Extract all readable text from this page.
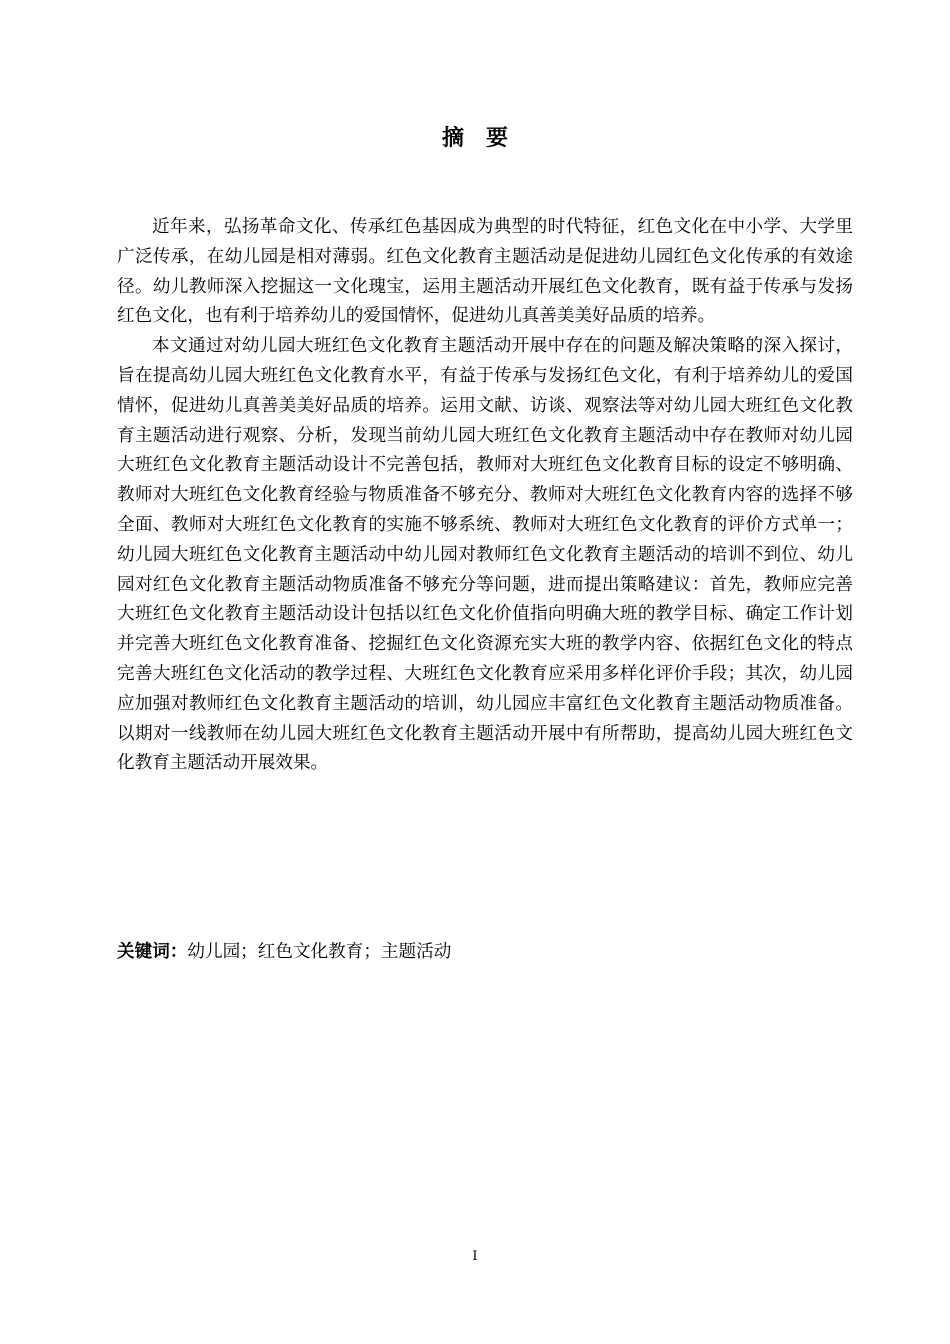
摘要

近年来，弘扬革命文化、传承红色基因成为典型的时代特征，红色文化在中小学、大学里广泛传承，在幼儿园是相对薄弱。红色文化教育主题活动是促进幼儿园红色文化传承的有效途径。幼儿教师深入挖掘这一文化瑰宝，运用主题活动开展红色文化教育，既有益于传承与发扬红色文化，也有利于培养幼儿的爱国情怀，促进幼儿真善美美好品质的培养。

本文通过对幼儿园大班红色文化教育主题活动开展中存在的问题及解决策略的深入探讨，旨在提高幼儿园大班红色文化教育水平，有益于传承与发扬红色文化，有利于培养幼儿的爱国情怀，促进幼儿真善美美好品质的培养。运用文献、访谈、观察法等对幼儿园大班红色文化教育主题活动进行观察、分析，发现当前幼儿园大班红色文化教育主题活动中存在教师对幼儿园大班红色文化教育主题活动设计不完善包括，教师对大班红色文化教育目标的设定不够明确、教师对大班红色文化教育经验与物质准备不够充分、教师对大班红色文化教育内容的选择不够全面、教师对大班红色文化教育的实施不够系统、教师对大班红色文化教育的评价方式单一；幼儿园大班红色文化教育主题活动中幼儿园对教师红色文化教育主题活动的培训不到位、幼儿园对红色文化教育主题活动物质准备不够充分等问题，进而提出策略建议：首先，教师应完善大班红色文化教育主题活动设计包括以红色文化价值指向明确大班的教学目标、确定工作计划并完善大班红色文化教育准备、挖掘红色文化资源充实大班的教学内容、依据红色文化的特点完善大班红色文化活动的教学过程、大班红色文化教育应采用多样化评价手段；其次，幼儿园应加强对教师红色文化教育主题活动的培训，幼儿园应丰富红色文化教育主题活动物质准备。以期对一线教师在幼儿园大班红色文化教育主题活动开展中有所帮助，提高幼儿园大班红色文化教育主题活动开展效果。

关键词：幼儿园；红色文化教育；主题活动
I
